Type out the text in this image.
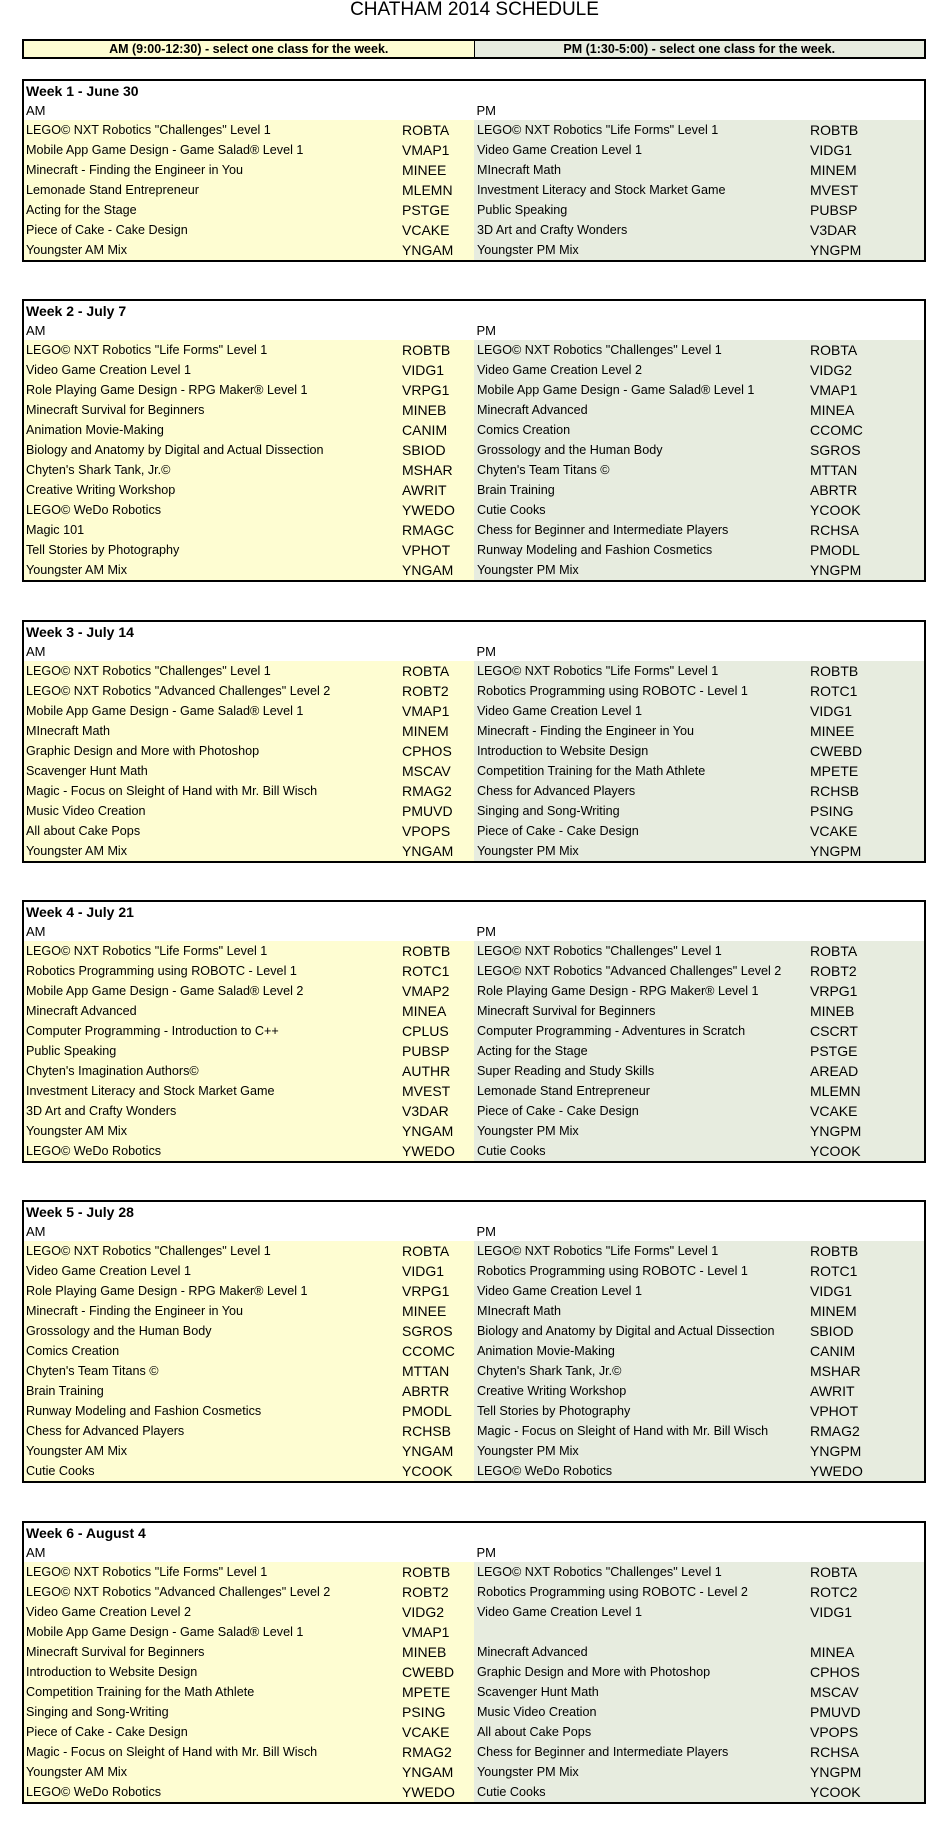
CHATHAM 2014 SCHEDULE
AM (9:00-12:30) - select one class for the week.	PM (1:30-5:00) - select one class for the week.
Week 1 - June 30
AM	PM
LEGO© NXT Robotics "Challenges" Level 1	ROBTA LEGO© NXT Robotics "Life Forms" Level 1	ROBTB
Mobile App Game Design - Game Salad® Level 1	VMAP1 Video Game Creation Level 1	VIDG1
Minecraft - Finding the Engineer in You	MINEE MInecraft Math	MINEM
Lemonade Stand Entrepreneur	MLEMN Investment Literacy and Stock Market Game	MVEST
Acting for the Stage	PSTGE Public Speaking	PUBSP
Piece of Cake - Cake Design	VCAKE 3D Art and Crafty Wonders	V3DAR
Youngster AM Mix	YNGAM Youngster PM Mix	YNGPM
Week 2 - July 7
AM	PM
LEGO© NXT Robotics "Life Forms" Level 1	ROBTB LEGO© NXT Robotics "Challenges" Level 1	ROBTA
Video Game Creation Level 1	VIDG1	Video Game Creation Level 2	VIDG2
Role Playing Game Design - RPG Maker® Level 1	VRPG1 Mobile App Game Design - Game Salad® Level 1	VMAP1
Minecraft Survival for Beginners	MINEB Minecraft Advanced	MINEA
Animation Movie-Making	CANIM Comics Creation	CCOMC
Biology and Anatomy by Digital and Actual Dissection	SBIOD Grossology and the Human Body	SGROS
Chyten's Shark Tank, Jr.©	MSHAR Chyten's Team Titans ©	MTTAN
Creative Writing Workshop	AWRIT Brain Training	ABRTR
LEGO© WeDo Robotics	YWEDO Cutie Cooks	YCOOK
Magic 101	RMAGC Chess for Beginner and Intermediate Players	RCHSA
Tell Stories by Photography	VPHOT Runway Modeling and Fashion Cosmetics	PMODL
Youngster AM Mix	YNGAM Youngster PM Mix	YNGPM
Week 3 - July 14
AM	PM
LEGO© NXT Robotics "Challenges" Level 1	ROBTA LEGO© NXT Robotics "Life Forms" Level 1	ROBTB
LEGO© NXT Robotics "Advanced Challenges" Level 2	ROBT2 Robotics Programming using ROBOTC - Level 1	ROTC1
Mobile App Game Design - Game Salad® Level 1	VMAP1 Video Game Creation Level 1	VIDG1
MInecraft Math	MINEM Minecraft - Finding the Engineer in You	MINEE
Graphic Design and More with Photoshop	CPHOS Introduction to Website Design	CWEBD
Scavenger Hunt Math	MSCAV Competition Training for the Math Athlete	MPETE
Magic - Focus on Sleight of Hand with Mr. Bill Wisch	RMAG2 Chess for Advanced Players	RCHSB
Music Video Creation	PMUVD Singing and Song-Writing	PSING
All about Cake Pops	VPOPS Piece of Cake - Cake Design	VCAKE
Youngster AM Mix	YNGAM Youngster PM Mix	YNGPM
Week 4 - July 21
AM	PM
LEGO© NXT Robotics "Life Forms" Level 1	ROBTB LEGO© NXT Robotics "Challenges" Level 1	ROBTA
Robotics Programming using ROBOTC - Level 1	ROTC1 LEGO© NXT Robotics "Advanced Challenges" Level 2	ROBT2
Mobile App Game Design - Game Salad® Level 2	VMAP2 Role Playing Game Design - RPG Maker® Level 1	VRPG1
Minecraft Advanced	MINEA Minecraft Survival for Beginners	MINEB
Computer Programming - Introduction to C++	CPLUS Computer Programming - Adventures in Scratch	CSCRT
Public Speaking	PUBSP Acting for the Stage	PSTGE
Chyten's Imagination Authors©	AUTHR Super Reading and Study Skills	AREAD
Investment Literacy and Stock Market Game	MVEST Lemonade Stand Entrepreneur	MLEMN
3D Art and Crafty Wonders	V3DAR Piece of Cake - Cake Design	VCAKE
Youngster AM Mix	YNGAM Youngster PM Mix	YNGPM
LEGO© WeDo Robotics	YWEDO Cutie Cooks	YCOOK
Week 5 - July 28
AM	PM
LEGO© NXT Robotics "Challenges" Level 1	ROBTA LEGO© NXT Robotics "Life Forms" Level 1	ROBTB
Video Game Creation Level 1	VIDG1	Robotics Programming using ROBOTC - Level 1	ROTC1
Role Playing Game Design - RPG Maker® Level 1	VRPG1 Video Game Creation Level 1	VIDG1
Minecraft - Finding the Engineer in You	MINEE MInecraft Math	MINEM
Grossology and the Human Body	SGROS Biology and Anatomy by Digital and Actual Dissection	SBIOD
Comics Creation	CCOMC Animation Movie-Making	CANIM
Chyten's Team Titans ©	MTTAN Chyten's Shark Tank, Jr.©	MSHAR
Brain Training	ABRTR Creative Writing Workshop	AWRIT
Runway Modeling and Fashion Cosmetics	PMODL Tell Stories by Photography	VPHOT
Chess for Advanced Players	RCHSB Magic - Focus on Sleight of Hand with Mr. Bill Wisch	RMAG2
Youngster AM Mix	YNGAM Youngster PM Mix	YNGPM
Cutie Cooks	YCOOK LEGO© WeDo Robotics	YWEDO
Week 6 - August 4
AM	PM
LEGO© NXT Robotics "Life Forms" Level 1	ROBTB LEGO© NXT Robotics "Challenges" Level 1	ROBTA
LEGO© NXT Robotics "Advanced Challenges" Level 2	ROBT2 Robotics Programming using ROBOTC - Level 2	ROTC2
Video Game Creation Level 2	VIDG2	Video Game Creation Level 1	VIDG1
Mobile App Game Design - Game Salad® Level 1	VMAP1
Minecraft Survival for Beginners	MINEB Minecraft Advanced	MINEA
Introduction to Website Design	CWEBD Graphic Design and More with Photoshop	CPHOS
Competition Training for the Math Athlete	MPETE Scavenger Hunt Math	MSCAV
Singing and Song-Writing	PSING Music Video Creation	PMUVD
Piece of Cake - Cake Design	VCAKE All about Cake Pops	VPOPS
Magic - Focus on Sleight of Hand with Mr. Bill Wisch	RMAG2 Chess for Beginner and Intermediate Players	RCHSA
Youngster AM Mix	YNGAM Youngster PM Mix	YNGPM
LEGO© WeDo Robotics	YWEDO Cutie Cooks	YCOOK
